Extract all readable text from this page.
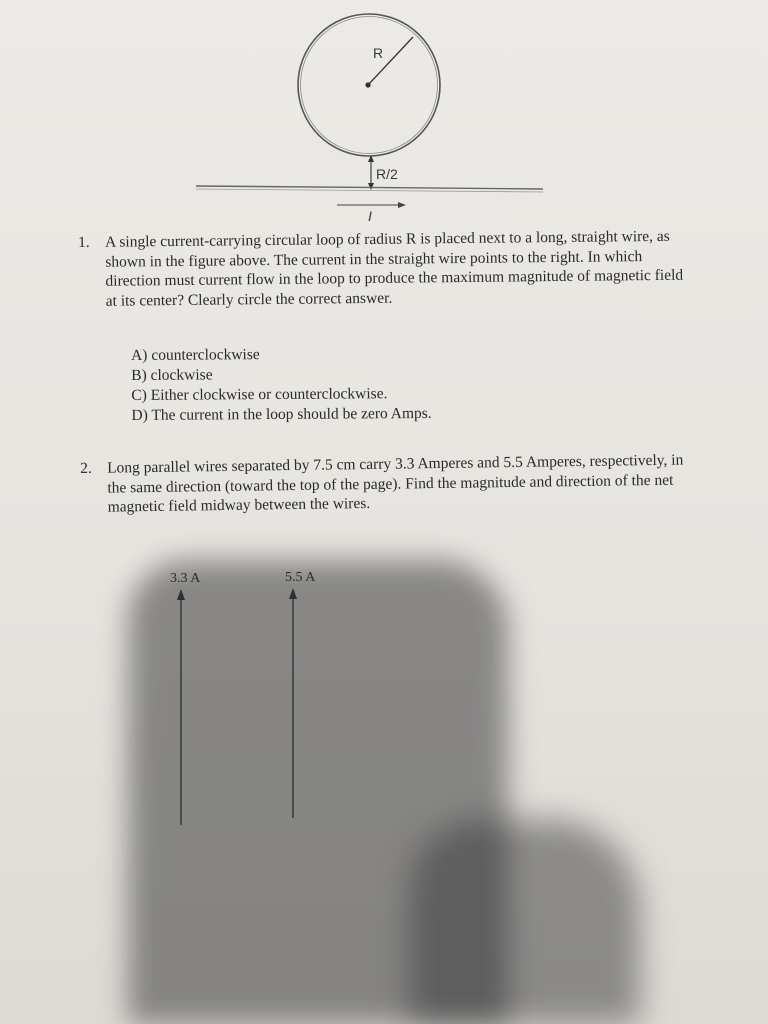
R
R/2
I
3.3 A	5.5 A
1. A single current-carrying circular loop of radius R is placed next to a long, straight wire, as shown in the figure above. The current in the straight wire points to the right. In which direction must current flow in the loop to produce the maximum magnitude of magnetic field at its center? Clearly circle the correct answer.
A) counterclockwise
B) clockwise
C) Either clockwise or counterclockwise.
D) The current in the loop should be zero Amps.
2. Long parallel wires separated by 7.5 cm carry 3.3 Amperes and 5.5 Amperes, respectively, in the same direction (toward the top of the page). Find the magnitude and direction of the net magnetic field midway between the wires.
